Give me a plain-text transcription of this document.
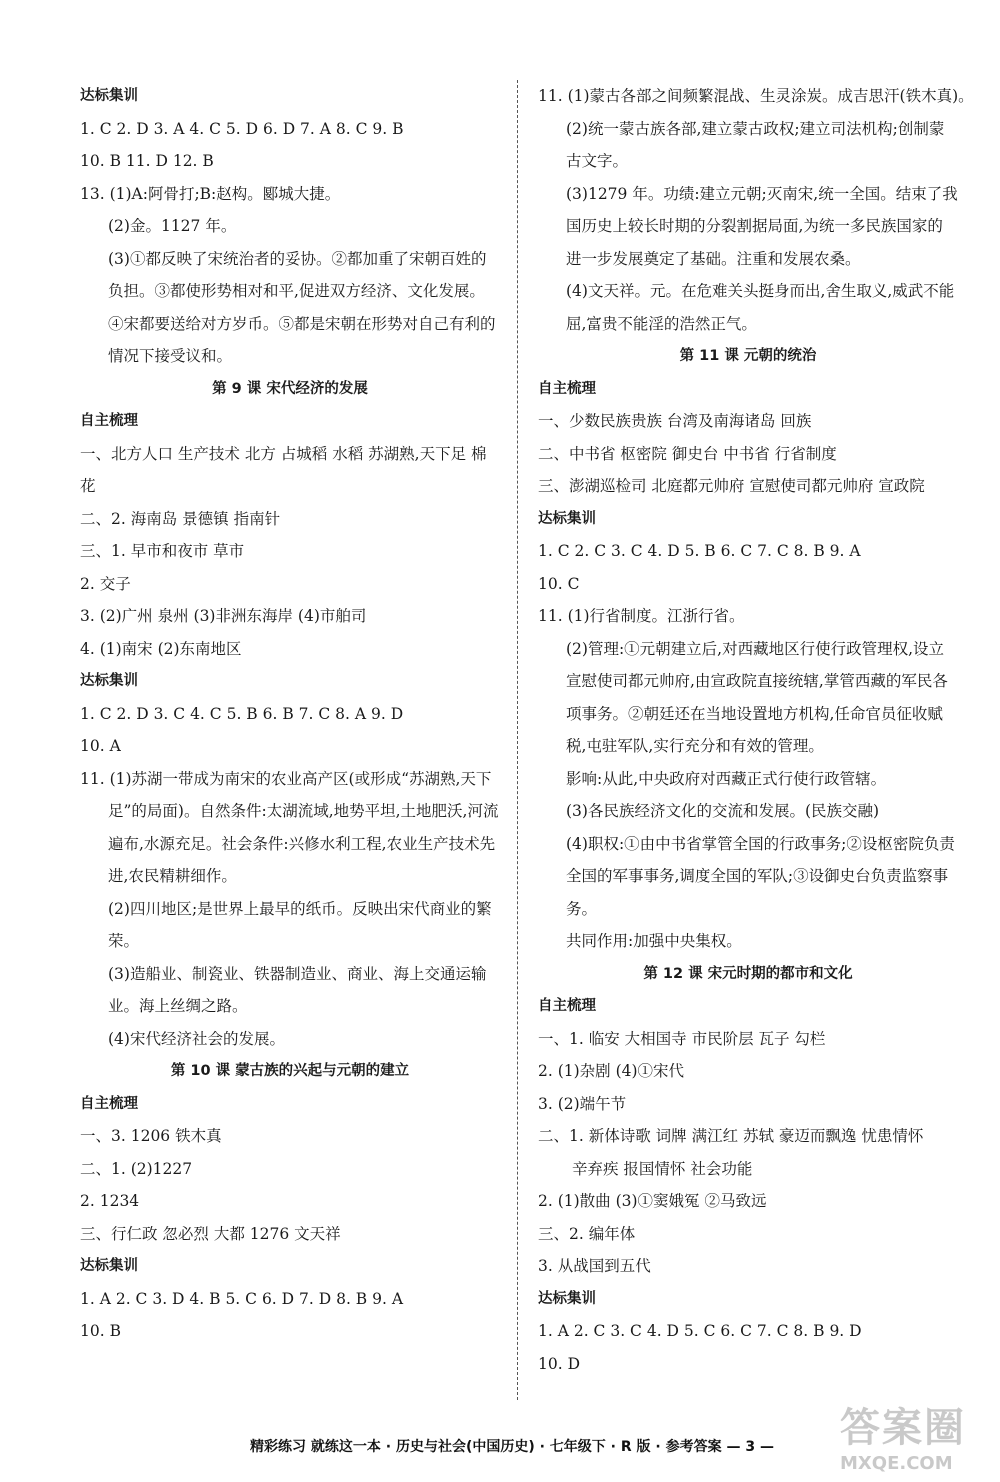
达标集训
1. C 2. D 3. A 4. C 5. D 6. D 7. A 8. C 9. B
10. B 11. D 12. B
13. (1)A:阿骨打;B:赵构。郾城大捷。
(2)金。1127 年。
(3)①都反映了宋统治者的妥协。②都加重了宋朝百姓的负担。③都使形势相对和平,促进双方经济、文化发展。④宋都要送给对方岁币。⑤都是宋朝在形势对自己有利的情况下接受议和。
第 9 课 宋代经济的发展
自主梳理
一、北方人口 生产技术 北方 占城稻 水稻 苏湖熟,天下足 棉花
二、2. 海南岛 景德镇 指南针
三、1. 早市和夜市 草市
2. 交子
3. (2)广州 泉州 (3)非洲东海岸 (4)市舶司
4. (1)南宋 (2)东南地区
达标集训
1. C 2. D 3. C 4. C 5. B 6. B 7. C 8. A 9. D
10. A
11. (1)苏湖一带成为南宋的农业高产区(或形成“苏湖熟,天下足”的局面)。自然条件:太湖流域,地势平坦,土地肥沃,河流遍布,水源充足。社会条件:兴修水利工程,农业生产技术先进,农民精耕细作。
(2)四川地区;是世界上最早的纸币。反映出宋代商业的繁荣。
(3)造船业、制瓷业、铁器制造业、商业、海上交通运输业。海上丝绸之路。
(4)宋代经济社会的发展。
第 10 课 蒙古族的兴起与元朝的建立
自主梳理
一、3. 1206 铁木真
二、1. (2)1227
2. 1234
三、行仁政 忽必烈 大都 1276 文天祥
达标集训
1. A 2. C 3. D 4. B 5. C 6. D 7. D 8. B 9. A
10. B
11. (1)蒙古各部之间频繁混战、生灵涂炭。成吉思汗(铁木真)。
(2)统一蒙古族各部,建立蒙古政权;建立司法机构;创制蒙古文字。
(3)1279 年。功绩:建立元朝;灭南宋,统一全国。结束了我国历史上较长时期的分裂割据局面,为统一多民族国家的进一步发展奠定了基础。注重和发展农桑。
(4)文天祥。元。在危难关头挺身而出,舍生取义,威武不能屈,富贵不能淫的浩然正气。
第 11 课 元朝的统治
自主梳理
一、少数民族贵族 台湾及南海诸岛 回族
二、中书省 枢密院 御史台 中书省 行省制度
三、澎湖巡检司 北庭都元帅府 宣慰使司都元帅府 宣政院
达标集训
1. C 2. C 3. C 4. D 5. B 6. C 7. C 8. B 9. A
10. C
11. (1)行省制度。江浙行省。
(2)管理:①元朝建立后,对西藏地区行使行政管理权,设立宣慰使司都元帅府,由宣政院直接统辖,掌管西藏的军民各项事务。②朝廷还在当地设置地方机构,任命官员征收赋税,屯驻军队,实行充分和有效的管理。
影响:从此,中央政府对西藏正式行使行政管辖。
(3)各民族经济文化的交流和发展。(民族交融)
(4)职权:①由中书省掌管全国的行政事务;②设枢密院负责全国的军事事务,调度全国的军队;③设御史台负责监察事务。
共同作用:加强中央集权。
第 12 课 宋元时期的都市和文化
自主梳理
一、1. 临安 大相国寺 市民阶层 瓦子 勾栏
2. (1)杂剧 (4)①宋代
3. (2)端午节
二、1. 新体诗歌 词牌 满江红 苏轼 豪迈而飘逸 忧患情怀
辛弃疾 报国情怀 社会功能
2. (1)散曲 (3)①窦娥冤 ②马致远
三、2. 编年体
3. 从战国到五代
达标集训
1. A 2. C 3. C 4. D 5. C 6. C 7. C 8. B 9. D
10. D
精彩练习 就练这一本 · 历史与社会(中国历史) · 七年级下 · R 版 · 参考答案 — 3 —	答案圈
MXQE.COM
